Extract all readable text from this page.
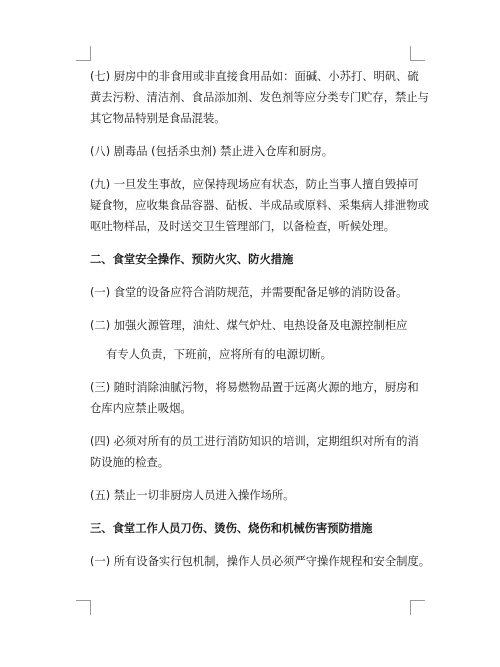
(七) 厨房中的非食用或非直接食用品如：面碱、小苏打、明矾、硫
黄去污粉、清洁剂、食品添加剂、发色剂等应分类专门贮存，禁止与
其它物品特别是食品混装。

(八) 剧毒品 (包括杀虫剂) 禁止进入仓库和厨房。

(九) 一旦发生事故，应保持现场应有状态，防止当事人擅自毁掉可
疑食物，应收集食品容器、砧板、半成品或原料、采集病人排泄物或
呕吐物样品，及时送交卫生管理部门，以备检查，听候处理。

二、食堂安全操作、预防火灾、防火措施

(一) 食堂的设备应符合消防规范，并需要配备足够的消防设备。

(二) 加强火源管理，油灶、煤气炉灶、电热设备及电源控制柜应

有专人负责，下班前，应将所有的电源切断。

(三) 随时消除油腻污物，将易燃物品置于远离火源的地方，厨房和
仓库内应禁止吸烟。

(四) 必须对所有的员工进行消防知识的培训，定期组织对所有的消
防设施的检查。

(五) 禁止一切非厨房人员进入操作场所。

三、食堂工作人员刀伤、烫伤、烧伤和机械伤害预防措施

(一) 所有设备实行包机制，操作人员必须严守操作规程和安全制度。
